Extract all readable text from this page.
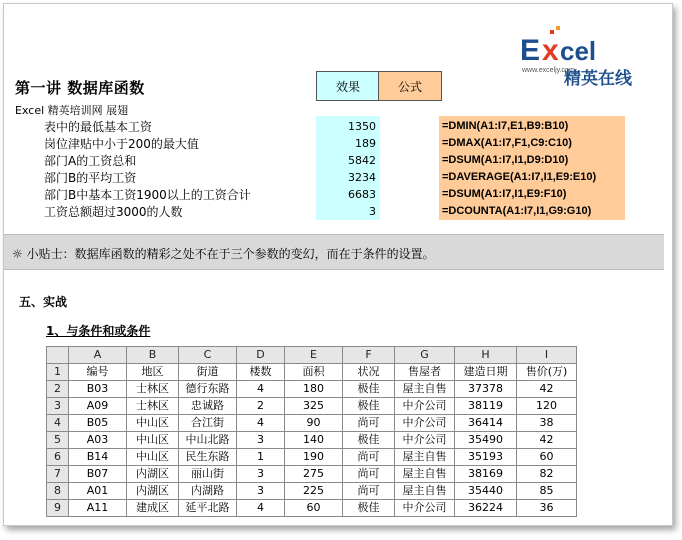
第一讲 数据库函数	效果	公式
E x cel
www.exceljy.com
精英在线
Excel 精英培训网 展翅
表中的最低基本工资	1350	=DMIN(A1:I7,E1,B9:B10)
岗位津贴中小于200的最大值	189	=DMAX(A1:I7,F1,C9:C10)
部门A的工资总和	5842	=DSUM(A1:I7,I1,D9:D10)
部门B的平均工资	3234	=DAVERAGE(A1:I7,I1,E9:E10)
部门B中基本工资1900以上的工资合计	6683	=DSUM(A1:I7,I1,E9:F10)
工资总额超过3000的人数	3	=DCOUNTA(A1:I7,I1,G9:G10)
☼ 小贴士：数据库函数的精彩之处不在于三个参数的变幻，而在于条件的设置。
五、实战
1、与条件和或条件
	A	B	C	D	E	F	G	H	I
1	编号	地区	街道	楼数	面积	状况	售屋者	建造日期	售价(万)
2	B03	士林区	德行东路	4	180	极佳	屋主自售	37378	42
3	A09	士林区	忠诚路	2	325	极佳	中介公司	38119	120
4	B05	中山区	合江街	4	90	尚可	中介公司	36414	38
5	A03	中山区	中山北路	3	140	极佳	中介公司	35490	42
6	B14	中山区	民生东路	1	190	尚可	屋主自售	35193	60
7	B07	内湖区	丽山街	3	275	尚可	屋主自售	38169	82
8	A01	内湖区	内湖路	3	225	尚可	屋主自售	35440	85
9	A11	建成区	延平北路	4	60	极佳	中介公司	36224	36
